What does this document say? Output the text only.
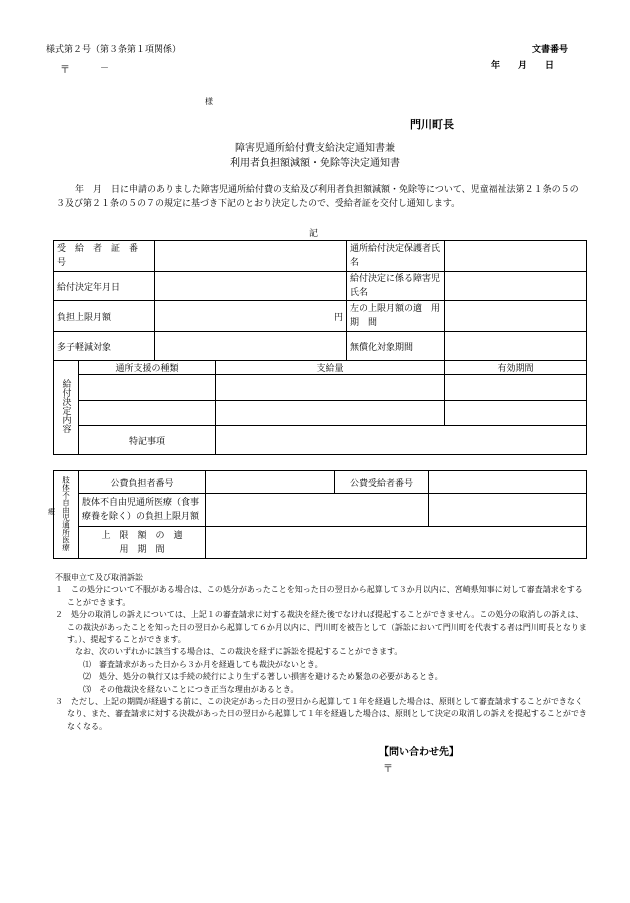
様式第２号（第３条第１項関係）
〒	－
文書番号
年　　月　　日
様
門川町長
障害児通所給付費支給決定通知書兼
利用者負担額減額・免除等決定通知書
　年　月　日に申請のありました障害児通所給付費の支給及び利用者負担額減額・免除等について、児童福祉法第２１条の５の３及び第２１条の５の７の規定に基づき下記のとおり決定したので、受給者証を交付し通知します。
記
受　給　者　証　番　　　　号				通所給付決定保護者氏名	

給付決定年月日				給付決定に係る障害児氏名	

負担上限月額		円		左の上限月額の適　用　期　間	

多子軽減対象				無償化対象期間	
給付決定内容	通所支援の種類		支給量		有効期間

	特記事項				
肢体不自由児通所医療	公費負担者番号		公費受給者番号	

	肢体不自由児通所医療（食事療養を除く）の負担上限月額			

	上　限　額　の　適　用　期　間			

療

不服申立て及び取消訴訟

１　この処分について不服がある場合は、この処分があったことを知った日の翌日から起算して３か月以内に、宮崎県知事に対して審査請求をすることができます。

２　処分の取消しの訴えについては、上記１の審査請求に対する裁決を経た後でなければ提起することができません。この処分の取消しの訴えは、この裁決があったことを知った日の翌日から起算して６か月以内に、門川町を被告として（訴訟において門川町を代表する者は門川町長となります。）、提起することができます。

なお、次のいずれかに該当する場合は、この裁決を経ずに訴訟を提起することができます。

⑴　審査請求があった日から３か月を経過しても裁決がないとき。

⑵　処分、処分の執行又は手続の続行により生ずる著しい損害を避けるため緊急の必要があるとき。

⑶　その他裁決を経ないことにつき正当な理由があるとき。

３　ただし、上記の期間が経過する前に、この決定があった日の翌日から起算して１年を経過した場合は、原則として審査請求することができなくなり、また、審査請求に対する決裁があった日の翌日から起算して１年を経過した場合は、原則として決定の取消しの訴えを提起することができなくなる。

【問い合わせ先】
〒
